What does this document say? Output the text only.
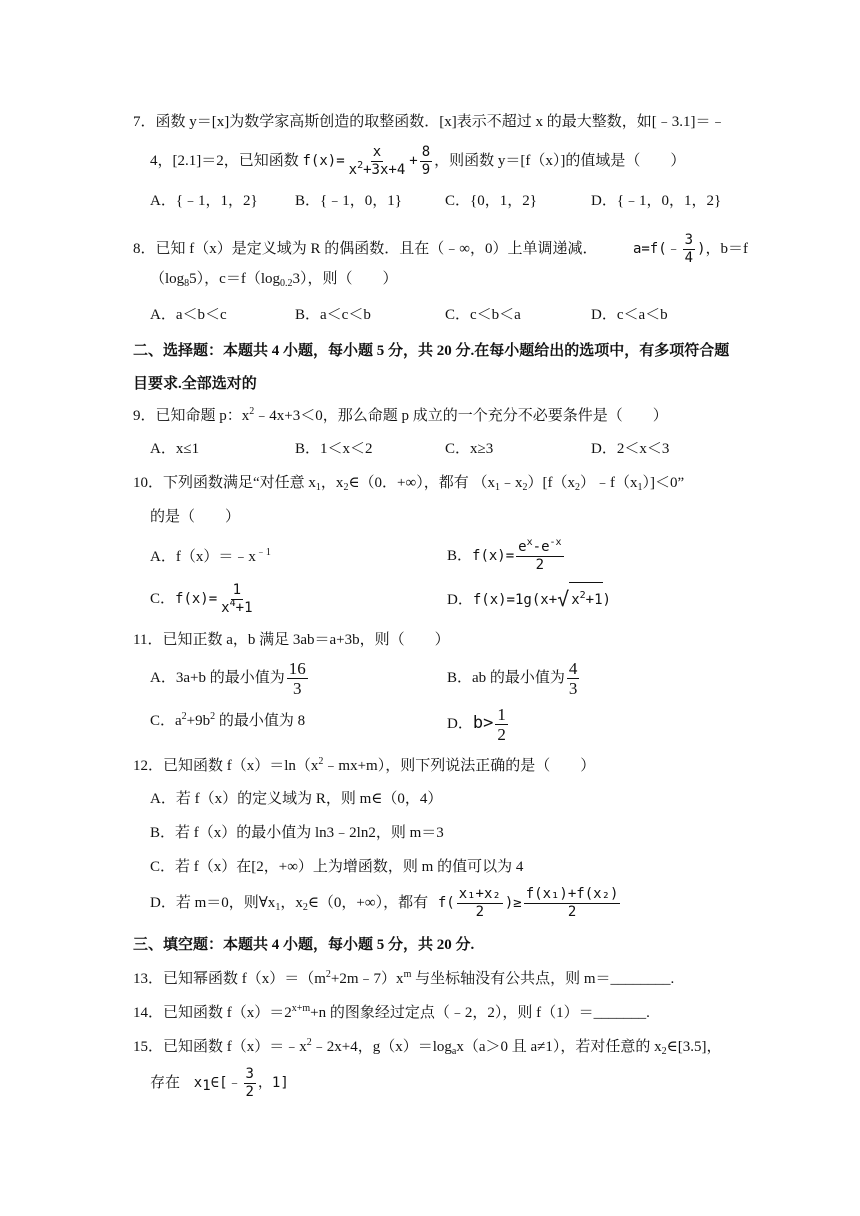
7．函数 y＝[x]为数学家高斯创造的取整函数．[x]表示不超过 x 的最大整数，如[﹣3.1]＝﹣
4，[2.1]＝2，已知函数 $f(x)= \frac{x}{x^2+3x+4} + \frac{8}{9}$ ，则函数 y＝[f（x）]的值域是（　　）
A．{﹣1，1，2} B．{﹣1，0，1}	C．{0，1，2}	D．{﹣1，0，1，2}
8．已知 f（x）是定义域为 R 的偶函数．且在（﹣∞，0）上单调递减．	a=f(﹣ $\frac{3}{4}$ )，b＝f
$(\log_85)$，$c=f(\log_{0.2}3)$，则（　　）
A．a＜b＜c	B．a＜c＜b	C．c＜b＜a	D．c＜a＜b
二、选择题：本题共 4 小题，每小题 5 分，共 20 分.在每小题给出的选项中，有多项符合题
目要求.全部选对的
9．已知命题 p：$x^2﹣4x+3<0$，那么命题 p 成立的一个充分不必要条件是（　　）
A．x≤1	B．1＜x＜2	C．x≥3	D．2＜x＜3
10．下列函数满足“对任意 $x_1$，$x_2\in(0$．+∞），都有 $(x_1﹣x_2)[f(x_2)﹣f(x_1)]<0$”
的是（　　）
A．$f(x)=﹣x^{﹣1}$	B．$f(x)= \frac{e^x-e^{-x}}{2}$
C．$f(x)= \frac{1}{x^4+1}$	D．f(x)=1g(x+√ $x^2+1$)
11．已知正数 a，b 满足 3ab＝a+3b，则（　　）
A．3a+b 的最小值为 $\frac{16}{3}$	B．ab 的最小值为 $\frac{4}{3}$
C．$a^2+9b^2$ 的最小值为 8	D．$b> \frac{1}{2}$
12．已知函数 $f(x)=\ln(x^2﹣mx+m)$，则下列说法正确的是（　　）
A．若 f（x）的定义域为 R，则 m∈（0，4）
B．若 f（x）的最小值为 ln3﹣2ln2，则 m＝3
C．若 f（x）在[2，+∞）上为增函数，则 m 的值可以为 4
D．若 m＝0，则$\forall x_1$，$x_2\in(0$，+∞），都有 $f( \frac{\text{x₁+x₂}}{2}$ )≥ $\frac{\text{f(x₁)+f(x₂)}}{2}$
三、填空题：本题共 4 小题，每小题 5 分，共 20 分.
13．已知幂函数 $f(x)=(m^2+2m﹣7)x^m$ 与坐标轴没有公共点，则 m＝________.
14．已知函数 $f(x)=2^{x+m}+n$ 的图象经过定点（﹣2，2），则 f（1）＝_______.
15．已知函数 $f(x)=﹣x^2﹣2x+4$，$g(x)=\log_ax(a>0$ 且 a≠1），若对任意的 $x_2\in[3.5]$，
存在 $x_1\in[﹣ \frac{3}{2}$ ，1]
